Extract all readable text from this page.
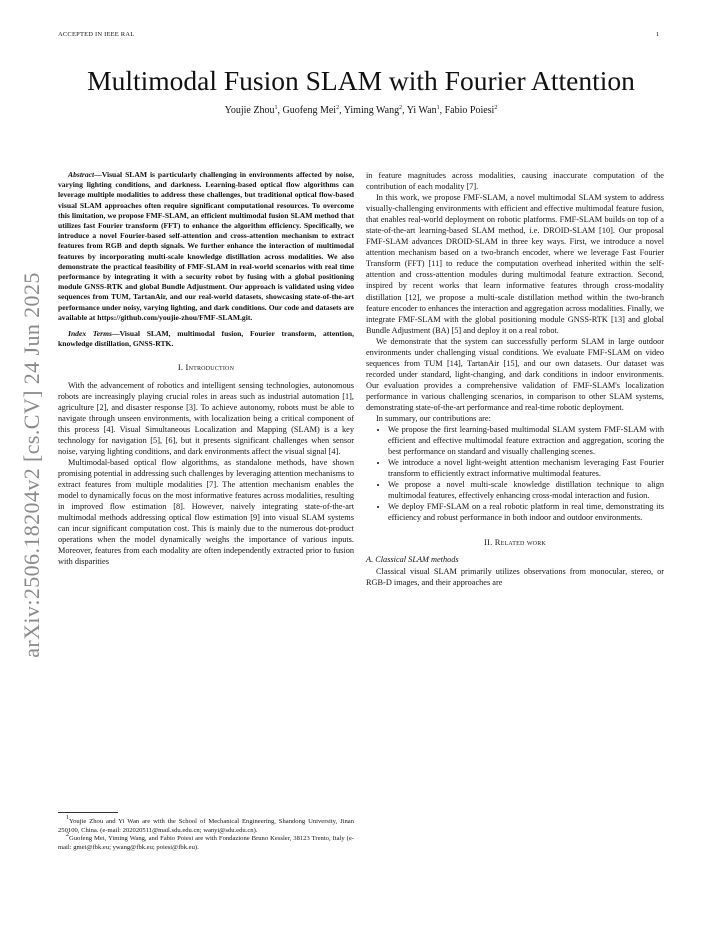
ACCEPTED IN IEEE RAL	1
arXiv:2506.18204v2 [cs.CV] 24 Jun 2025
Multimodal Fusion SLAM with Fourier Attention
Youjie Zhou$^1$, Guofeng Mei$^2$, Yiming Wang$^2$, Yi Wan$^1$, Fabio Poiesi$^2$

Abstract—Visual SLAM is particularly challenging in environments affected by noise, varying lighting conditions, and darkness. Learning-based optical flow algorithms can leverage multiple modalities to address these challenges, but traditional optical flow-based visual SLAM approaches often require significant computational resources. To overcome this limitation, we propose FMF-SLAM, an efficient multimodal fusion SLAM method that utilizes fast Fourier transform (FFT) to enhance the algorithm efficiency. Specifically, we introduce a novel Fourier-based self-attention and cross-attention mechanism to extract features from RGB and depth signals. We further enhance the interaction of multimodal features by incorporating multi-scale knowledge distillation across modalities. We also demonstrate the practical feasibility of FMF-SLAM in real-world scenarios with real time performance by integrating it with a security robot by fusing with a global positioning module GNSS-RTK and global Bundle Adjustment. Our approach is validated using video sequences from TUM, TartanAir, and our real-world datasets, showcasing state-of-the-art performance under noisy, varying lighting, and dark conditions. Our code and datasets are available at https://github.com/youjie-zhou/FMF-SLAM.git.

Index Terms—Visual SLAM, multimodal fusion, Fourier transform, attention, knowledge distillation, GNSS-RTK.

I. Introduction

With the advancement of robotics and intelligent sensing technologies, autonomous robots are increasingly playing crucial roles in areas such as industrial automation [1], agriculture [2], and disaster response [3]. To achieve autonomy, robots must be able to navigate through unseen environments, with localization being a critical component of this process [4]. Visual Simultaneous Localization and Mapping (SLAM) is a key technology for navigation [5], [6], but it presents significant challenges when sensor noise, varying lighting conditions, and dark environments affect the visual signal [4].

Multimodal-based optical flow algorithms, as standalone methods, have shown promising potential in addressing such challenges by leveraging attention mechanisms to extract features from multiple modalities [7]. The attention mechanism enables the model to dynamically focus on the most informative features across modalities, resulting in improved flow estimation [8]. However, naively integrating state-of-the-art multimodal methods addressing optical flow estimation [9] into visual SLAM systems can incur significant computation cost. This is mainly due to the numerous dot-product operations when the model dynamically weighs the importance of various inputs. Moreover, features from each modality are often independently extracted prior to fusion with disparities

$^1$Youjie Zhou and Yi Wan are with the School of Mechanical Engineering, Shandong University, Jinan 250100, China. (e-mail: 202020511@mail.sdu.edu.cn; wanyi@sdu.edu.cn).

$^2$Guofeng Mei, Yiming Wang, and Fabio Poiesi are with Fondazione Bruno Kessler, 38123 Trento, Italy (e-mail: gmei@fbk.eu; ywang@fbk.eu; poiesi@fbk.eu).

in feature magnitudes across modalities, causing inaccurate computation of the contribution of each modality [7].

In this work, we propose FMF-SLAM, a novel multimodal SLAM system to address visually-challenging environments with efficient and effective multimodal feature fusion, that enables real-world deployment on robotic platforms. FMF-SLAM builds on top of a state-of-the-art learning-based SLAM method, i.e. DROID-SLAM [10]. Our proposal FMF-SLAM advances DROID-SLAM in three key ways. First, we introduce a novel attention mechanism based on a two-branch encoder, where we leverage Fast Fourier Transform (FFT) [11] to reduce the computation overhead inherited within the self-attention and cross-attention modules during multimodal feature extraction. Second, inspired by recent works that learn informative features through cross-modality distillation [12], we propose a multi-scale distillation method within the two-branch feature encoder to enhances the interaction and aggregation across modalities. Finally, we integrate FMF-SLAM with the global positioning module GNSS-RTK [13] and global Bundle Adjustment (BA) [5] and deploy it on a real robot.

We demonstrate that the system can successfully perform SLAM in large outdoor environments under challenging visual conditions. We evaluate FMF-SLAM on video sequences from TUM [14], TartanAir [15], and our own datasets. Our dataset was recorded under standard, light-changing, and dark conditions in indoor environments. Our evaluation provides a comprehensive validation of FMF-SLAM's localization performance in various challenging scenarios, in comparison to other SLAM systems, demonstrating state-of-the-art performance and real-time robotic deployment.

In summary, our contributions are:

• We propose the first learning-based multimodal SLAM system FMF-SLAM with efficient and effective multimodal feature extraction and aggregation, scoring the best performance on standard and visually challenging scenes.
• We introduce a novel light-weight attention mechanism leveraging Fast Fourier transform to efficiently extract informative multimodal features.
• We propose a novel multi-scale knowledge distillation technique to align multimodal features, effectively enhancing cross-modal interaction and fusion.
• We deploy FMF-SLAM on a real robotic platform in real time, demonstrating its efficiency and robust performance in both indoor and outdoor environments.
II. Related work
A. Classical SLAM methods

Classical visual SLAM primarily utilizes observations from monocular, stereo, or RGB-D images, and their approaches are
